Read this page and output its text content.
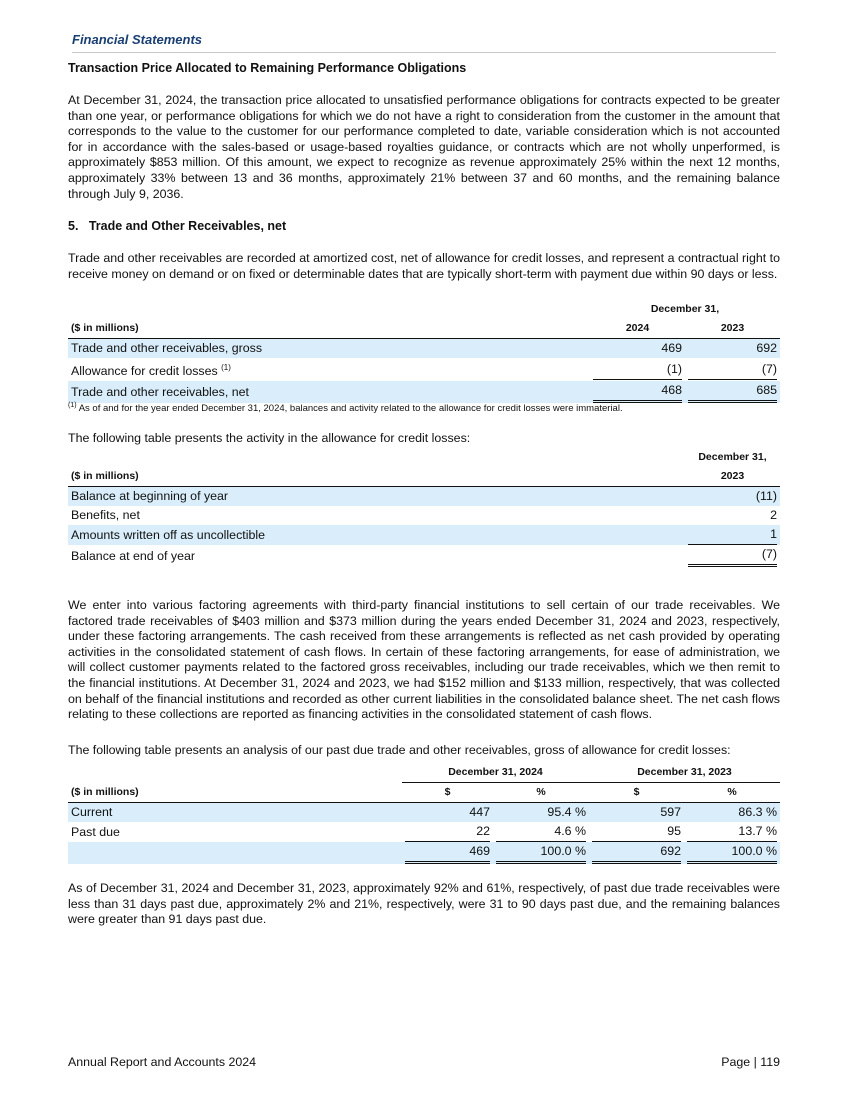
Financial Statements
Transaction Price Allocated to Remaining Performance Obligations

At December 31, 2024, the transaction price allocated to unsatisfied performance obligations for contracts expected to be greater than one year, or performance obligations for which we do not have a right to consideration from the customer in the amount that corresponds to the value to the customer for our performance completed to date, variable consideration which is not accounted for in accordance with the sales-based or usage-based royalties guidance, or contracts which are not wholly unperformed, is approximately $853 million. Of this amount, we expect to recognize as revenue approximately 25% within the next 12 months, approximately 33% between 13 and 36 months, approximately 21% between 37 and 60 months, and the remaining balance through July 9, 2036.

5.   Trade and Other Receivables, net

Trade and other receivables are recorded at amortized cost, net of allowance for credit losses, and represent a contractual right to receive money on demand or on fixed or determinable dates that are typically short-term with payment due within 90 days or less.

	December 31,	
($ in millions)	2024	2023
Trade and other receivables, gross	469	692
Allowance for credit losses $^{(1)}$	(1)	(7)

Trade and other receivables, net	468	685
$^{(1)}$ As of and for the year ended December 31, 2024, balances and activity related to the allowance for credit losses were immaterial.

The following table presents the activity in the allowance for credit losses:

	December 31,
($ in millions)	2023
Balance at beginning of year	(11)
Benefits, net	2
Amounts written off as uncollectible	1

Balance at end of year	(7)

We enter into various factoring agreements with third-party financial institutions to sell certain of our trade receivables. We factored trade receivables of $403 million and $373 million during the years ended December 31, 2024 and 2023, respectively, under these factoring arrangements. The cash received from these arrangements is reflected as net cash provided by operating activities in the consolidated statement of cash flows. In certain of these factoring arrangements, for ease of administration, we will collect customer payments related to the factored gross receivables, including our trade receivables, which we then remit to the financial institutions. At December 31, 2024 and 2023, we had $152 million and $133 million, respectively, that was collected on behalf of the financial institutions and recorded as other current liabilities in the consolidated balance sheet. The net cash flows relating to these collections are reported as financing activities in the consolidated statement of cash flows.

The following table presents an analysis of our past due trade and other receivables, gross of allowance for credit losses:

	December 31, 2024		December 31, 2023	
($ in millions)	$	%	$	%
Current	447	95.4 %	597	86.3 %
Past due	22	4.6 %	95	13.7 %

	469	100.0 %	692	100.0 %

As of December 31, 2024 and December 31, 2023, approximately 92% and 61%, respectively, of past due trade receivables were less than 31 days past due, approximately 2% and 21%, respectively, were 31 to 90 days past due, and the remaining balances were greater than 91 days past due.

Annual Report and Accounts 2024	Page | 119
